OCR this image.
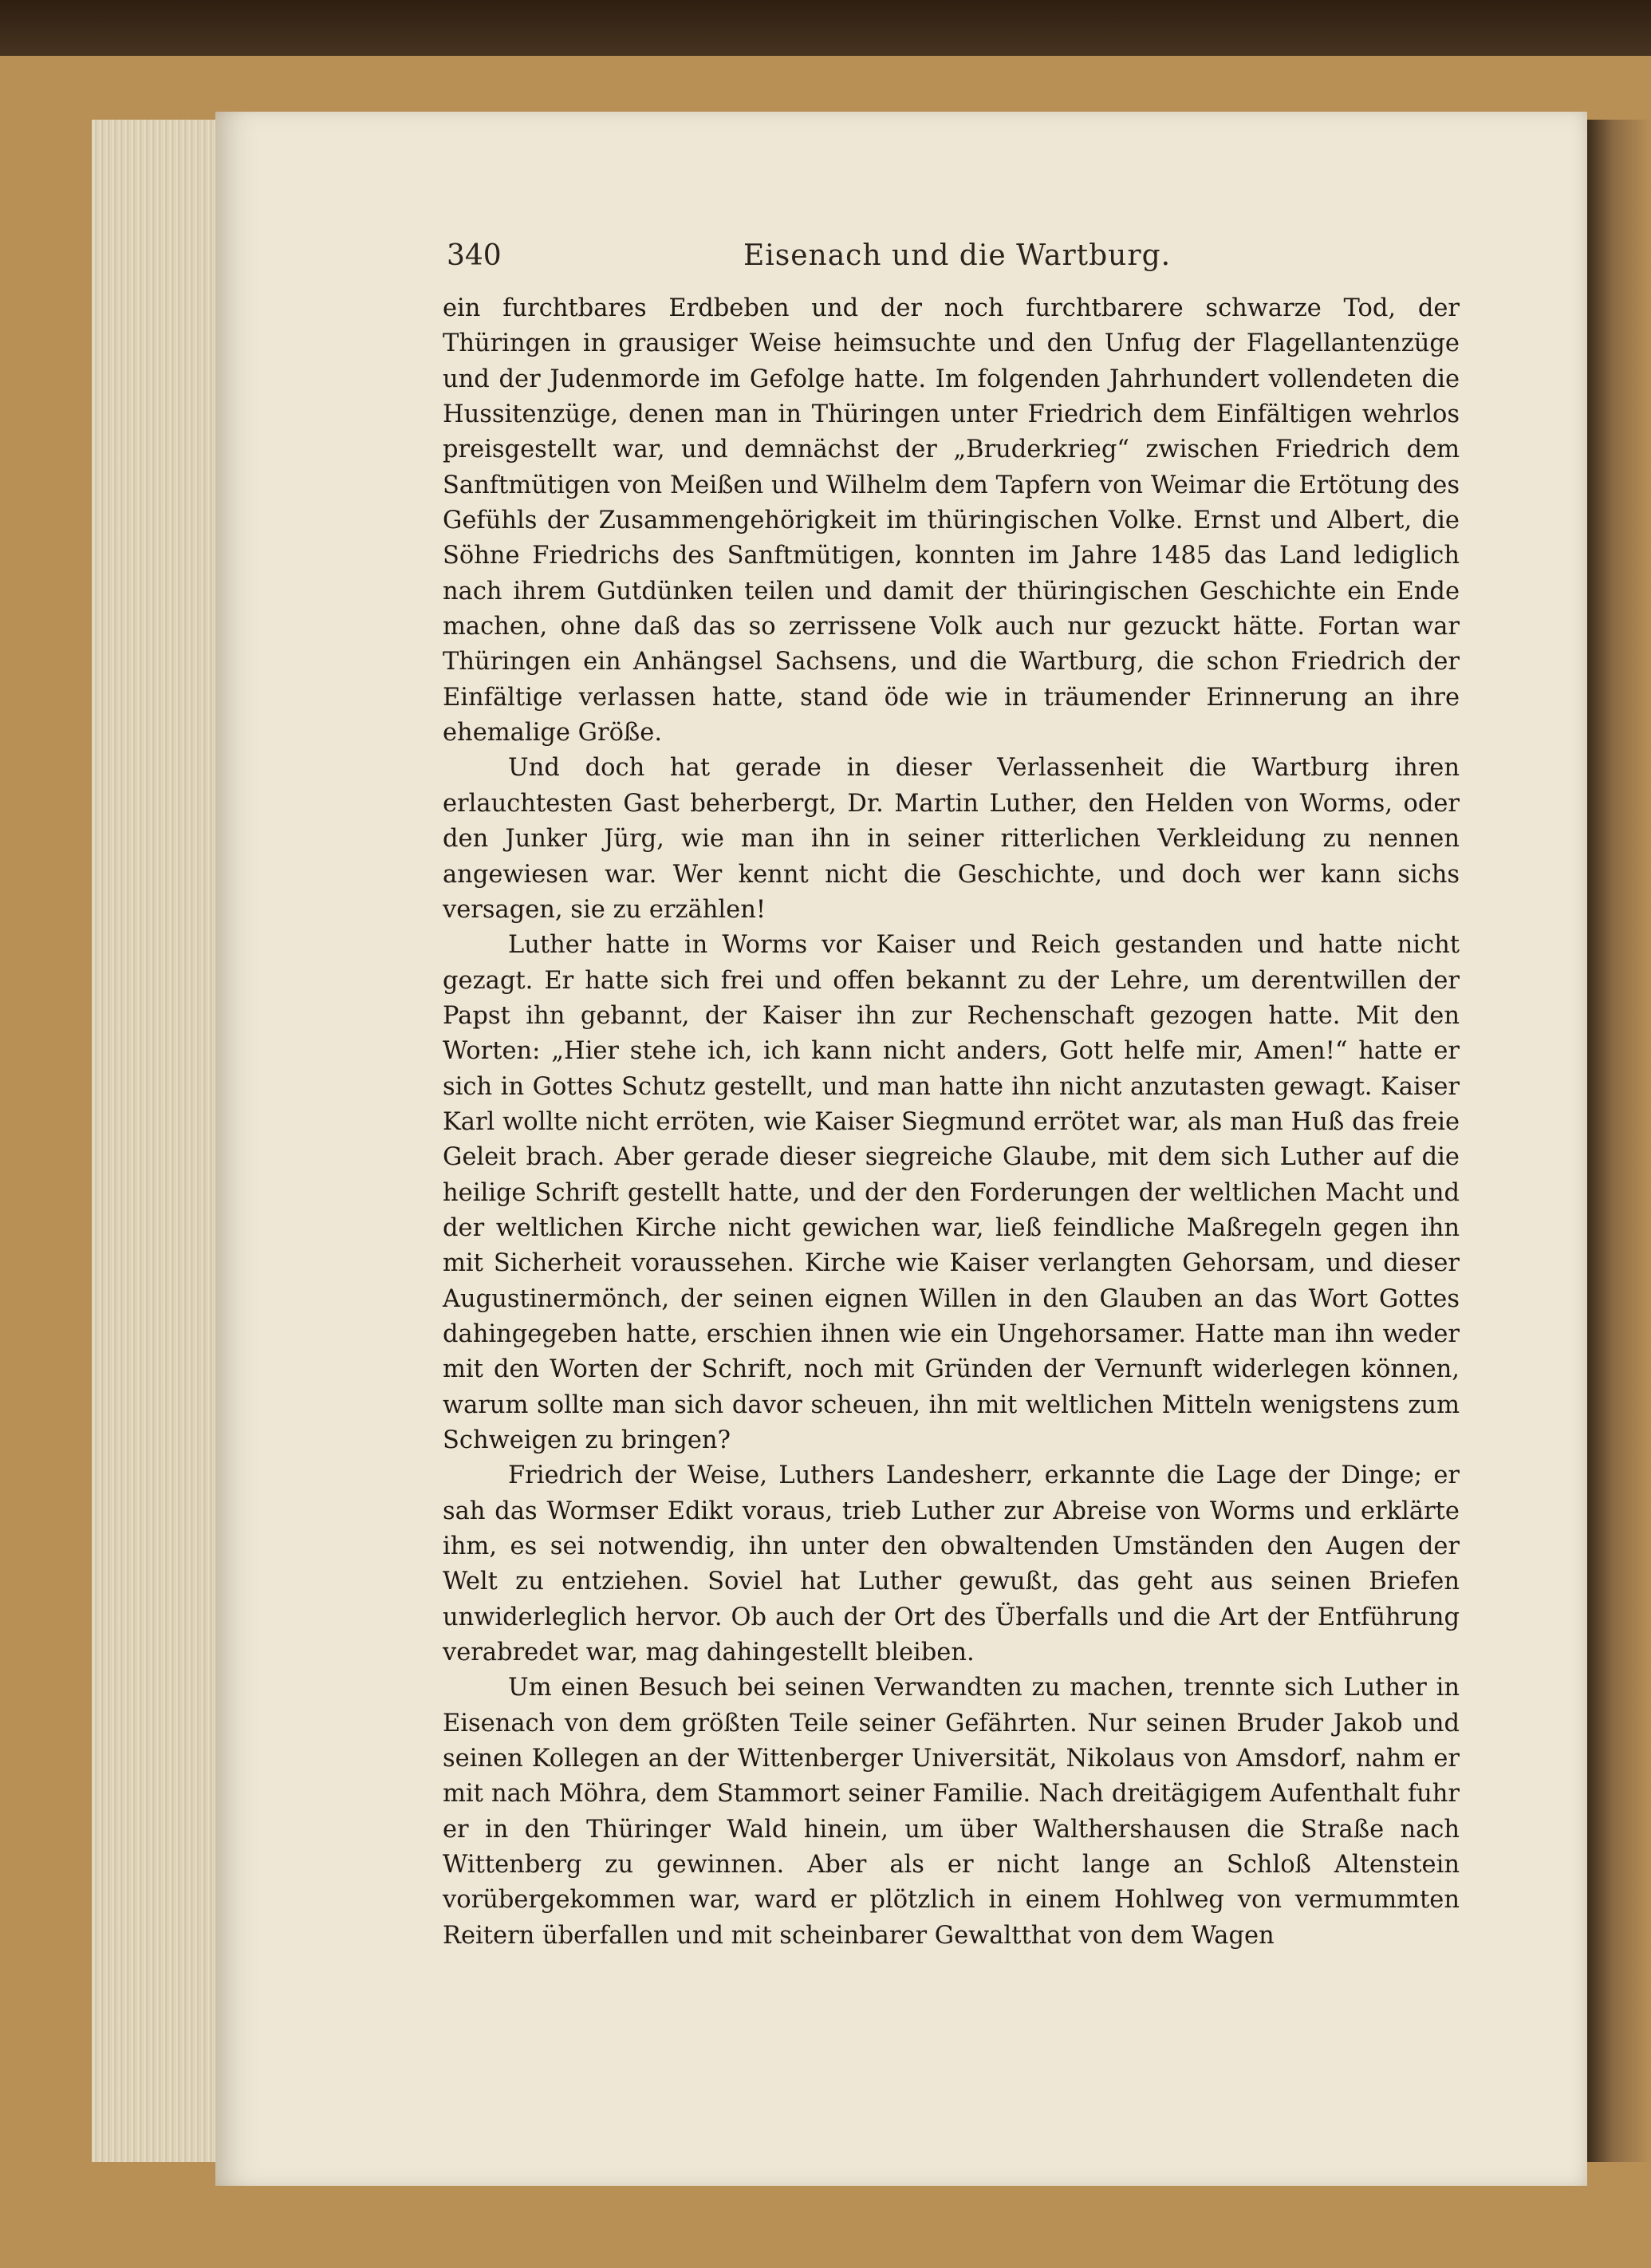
340	Eisenach und die Wartburg.

ein furchtbares Erdbeben und der noch furchtbarere schwarze Tod, der Thüringen in grausiger Weise heimsuchte und den Unfug der Flagellantenzüge und der Judenmorde im Gefolge hatte. Im folgenden Jahrhundert vollendeten die Hussitenzüge, denen man in Thüringen unter Friedrich dem Einfältigen wehrlos preisgestellt war, und demnächst der „Bruderkrieg“ zwischen Friedrich dem Sanftmütigen von Meißen und Wilhelm dem Tapfern von Weimar die Ertötung des Gefühls der Zusammengehörigkeit im thüringischen Volke. Ernst und Albert, die Söhne Friedrichs des Sanftmütigen, konnten im Jahre 1485 das Land lediglich nach ihrem Gutdünken teilen und damit der thüringischen Geschichte ein Ende machen, ohne daß das so zerrissene Volk auch nur gezuckt hätte. Fortan war Thüringen ein Anhängsel Sachsens, und die Wartburg, die schon Friedrich der Einfältige verlassen hatte, stand öde wie in träumender Erinnerung an ihre ehemalige Größe.

Und doch hat gerade in dieser Verlassenheit die Wartburg ihren erlauchtesten Gast beherbergt, Dr. Martin Luther, den Helden von Worms, oder den Junker Jürg, wie man ihn in seiner ritterlichen Verkleidung zu nennen angewiesen war. Wer kennt nicht die Geschichte, und doch wer kann sichs versagen, sie zu erzählen!

Luther hatte in Worms vor Kaiser und Reich gestanden und hatte nicht gezagt. Er hatte sich frei und offen bekannt zu der Lehre, um derentwillen der Papst ihn gebannt, der Kaiser ihn zur Rechenschaft gezogen hatte. Mit den Worten: „Hier stehe ich, ich kann nicht anders, Gott helfe mir, Amen!“ hatte er sich in Gottes Schutz gestellt, und man hatte ihn nicht anzutasten gewagt. Kaiser Karl wollte nicht erröten, wie Kaiser Siegmund errötet war, als man Huß das freie Geleit brach. Aber gerade dieser siegreiche Glaube, mit dem sich Luther auf die heilige Schrift gestellt hatte, und der den Forderungen der weltlichen Macht und der weltlichen Kirche nicht gewichen war, ließ feindliche Maßregeln gegen ihn mit Sicherheit voraussehen. Kirche wie Kaiser verlangten Gehorsam, und dieser Augustinermönch, der seinen eignen Willen in den Glauben an das Wort Gottes dahingegeben hatte, erschien ihnen wie ein Ungehorsamer. Hatte man ihn weder mit den Worten der Schrift, noch mit Gründen der Vernunft widerlegen können, warum sollte man sich davor scheuen, ihn mit weltlichen Mitteln wenigstens zum Schweigen zu bringen?

Friedrich der Weise, Luthers Landesherr, erkannte die Lage der Dinge; er sah das Wormser Edikt voraus, trieb Luther zur Abreise von Worms und erklärte ihm, es sei notwendig, ihn unter den obwaltenden Umständen den Augen der Welt zu entziehen. Soviel hat Luther gewußt, das geht aus seinen Briefen unwiderleglich hervor. Ob auch der Ort des Überfalls und die Art der Entführung verabredet war, mag dahingestellt bleiben.

Um einen Besuch bei seinen Verwandten zu machen, trennte sich Luther in Eisenach von dem größten Teile seiner Gefährten. Nur seinen Bruder Jakob und seinen Kollegen an der Wittenberger Universität, Nikolaus von Amsdorf, nahm er mit nach Möhra, dem Stammort seiner Familie. Nach dreitägigem Aufenthalt fuhr er in den Thüringer Wald hinein, um über Walthershausen die Straße nach Wittenberg zu gewinnen. Aber als er nicht lange an Schloß Altenstein vorübergekommen war, ward er plötzlich in einem Hohlweg von vermummten Reitern überfallen und mit scheinbarer Gewaltthat von dem Wagen
